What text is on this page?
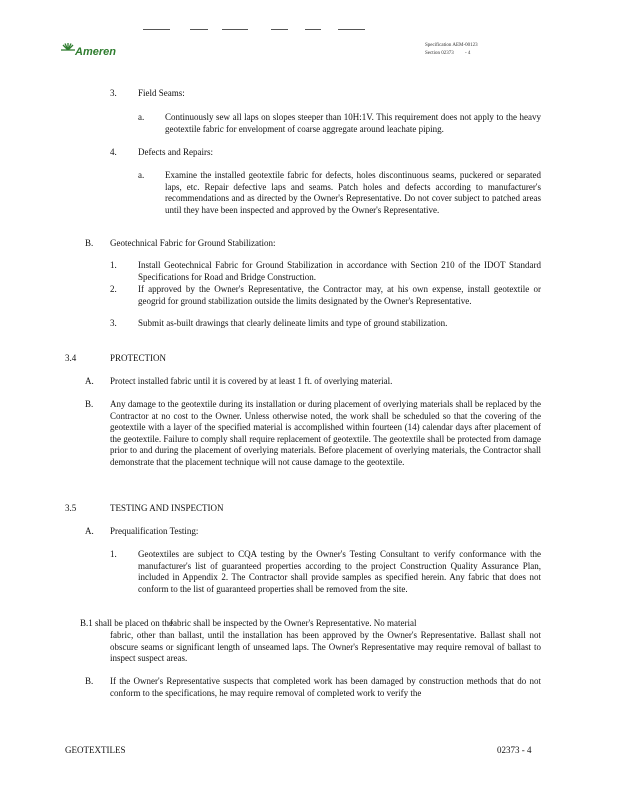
Ameren
Specification AEM-00123
Section 02373 - 4
3. Field Seams:
a. Continuously sew all laps on slopes steeper than 10H:1V. This requirement does not apply to the heavy geotextile fabric for envelopment of coarse aggregate around leachate piping.
4. Defects and Repairs:
a. Examine the installed geotextile fabric for defects, holes discontinuous seams, puckered or separated laps, etc. Repair defective laps and seams. Patch holes and defects according to manufacturer's recommendations and as directed by the Owner's Representative. Do not cover subject to patched areas until they have been inspected and approved by the Owner's Representative.
B. Geotechnical Fabric for Ground Stabilization:
1. Install Geotechnical Fabric for Ground Stabilization in accordance with Section 210 of the IDOT Standard Specifications for Road and Bridge Construction.
2. If approved by the Owner's Representative, the Contractor may, at his own expense, install geotextile or geogrid for ground stabilization outside the limits designated by the Owner's Representative.
3. Submit as-built drawings that clearly delineate limits and type of ground stabilization.
3.4	PROTECTION
A. Protect installed fabric until it is covered by at least 1 ft. of overlying material.
B. Any damage to the geotextile during its installation or during placement of overlying materials shall be replaced by the Contractor at no cost to the Owner. Unless otherwise noted, the work shall be scheduled so that the covering of the geotextile with a layer of the specified material is accomplished within fourteen (14) calendar days after placement of the geotextile. Failure to comply shall require replacement of geotextile. The geotextile shall be protected from damage prior to and during the placement of overlying materials. Before placement of overlying materials, the Contractor shall demonstrate that the placement technique will not cause damage to the geotextile.
3.5	TESTING AND INSPECTION
A. Prequalification Testing:
1. Geotextiles are subject to CQA testing by the Owner's Testing Consultant to verify conformance with the manufacturer's list of guaranteed properties according to the project Construction Quality Assurance Plan, included in Appendix 2. The Contractor shall provide samples as specified herein. Any fabric that does not conform to the list of guaranteed properties shall be removed from the site.
B.1 shall be placed on the
fabric shall be inspected by the Owner's Representative. No material
fabric, other than ballast, until the installation has been approved by the Owner's Representative. Ballast shall not obscure seams or significant length of unseamed laps. The Owner's Representative may require removal of ballast to inspect suspect areas.
B. If the Owner's Representative suspects that completed work has been damaged by construction methods that do not conform to the specifications, he may require removal of completed work to verify the
GEOTEXTILES	02373 - 4
